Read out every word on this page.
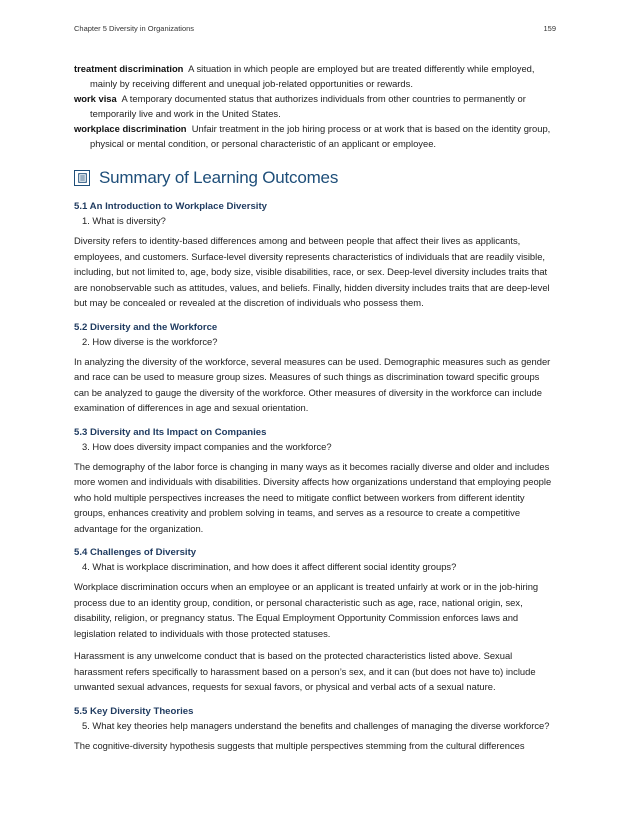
Chapter 5 Diversity in Organizations	159
treatment discrimination A situation in which people are employed but are treated differently while employed, mainly by receiving different and unequal job-related opportunities or rewards.
work visa A temporary documented status that authorizes individuals from other countries to permanently or temporarily live and work in the United States.
workplace discrimination Unfair treatment in the job hiring process or at work that is based on the identity group, physical or mental condition, or personal characteristic of an applicant or employee.
Summary of Learning Outcomes
5.1 An Introduction to Workplace Diversity
1. What is diversity?
Diversity refers to identity-based differences among and between people that affect their lives as applicants, employees, and customers. Surface-level diversity represents characteristics of individuals that are readily visible, including, but not limited to, age, body size, visible disabilities, race, or sex. Deep-level diversity includes traits that are nonobservable such as attitudes, values, and beliefs. Finally, hidden diversity includes traits that are deep-level but may be concealed or revealed at the discretion of individuals who possess them.
5.2 Diversity and the Workforce
2. How diverse is the workforce?
In analyzing the diversity of the workforce, several measures can be used. Demographic measures such as gender and race can be used to measure group sizes. Measures of such things as discrimination toward specific groups can be analyzed to gauge the diversity of the workforce. Other measures of diversity in the workforce can include examination of differences in age and sexual orientation.
5.3 Diversity and Its Impact on Companies
3. How does diversity impact companies and the workforce?
The demography of the labor force is changing in many ways as it becomes racially diverse and older and includes more women and individuals with disabilities. Diversity affects how organizations understand that employing people who hold multiple perspectives increases the need to mitigate conflict between workers from different identity groups, enhances creativity and problem solving in teams, and serves as a resource to create a competitive advantage for the organization.
5.4 Challenges of Diversity
4. What is workplace discrimination, and how does it affect different social identity groups?
Workplace discrimination occurs when an employee or an applicant is treated unfairly at work or in the job-hiring process due to an identity group, condition, or personal characteristic such as age, race, national origin, sex, disability, religion, or pregnancy status. The Equal Employment Opportunity Commission enforces laws and legislation related to individuals with those protected statuses.
Harassment is any unwelcome conduct that is based on the protected characteristics listed above. Sexual harassment refers specifically to harassment based on a person’s sex, and it can (but does not have to) include unwanted sexual advances, requests for sexual favors, or physical and verbal acts of a sexual nature.
5.5 Key Diversity Theories
5. What key theories help managers understand the benefits and challenges of managing the diverse workforce?
The cognitive-diversity hypothesis suggests that multiple perspectives stemming from the cultural differences
